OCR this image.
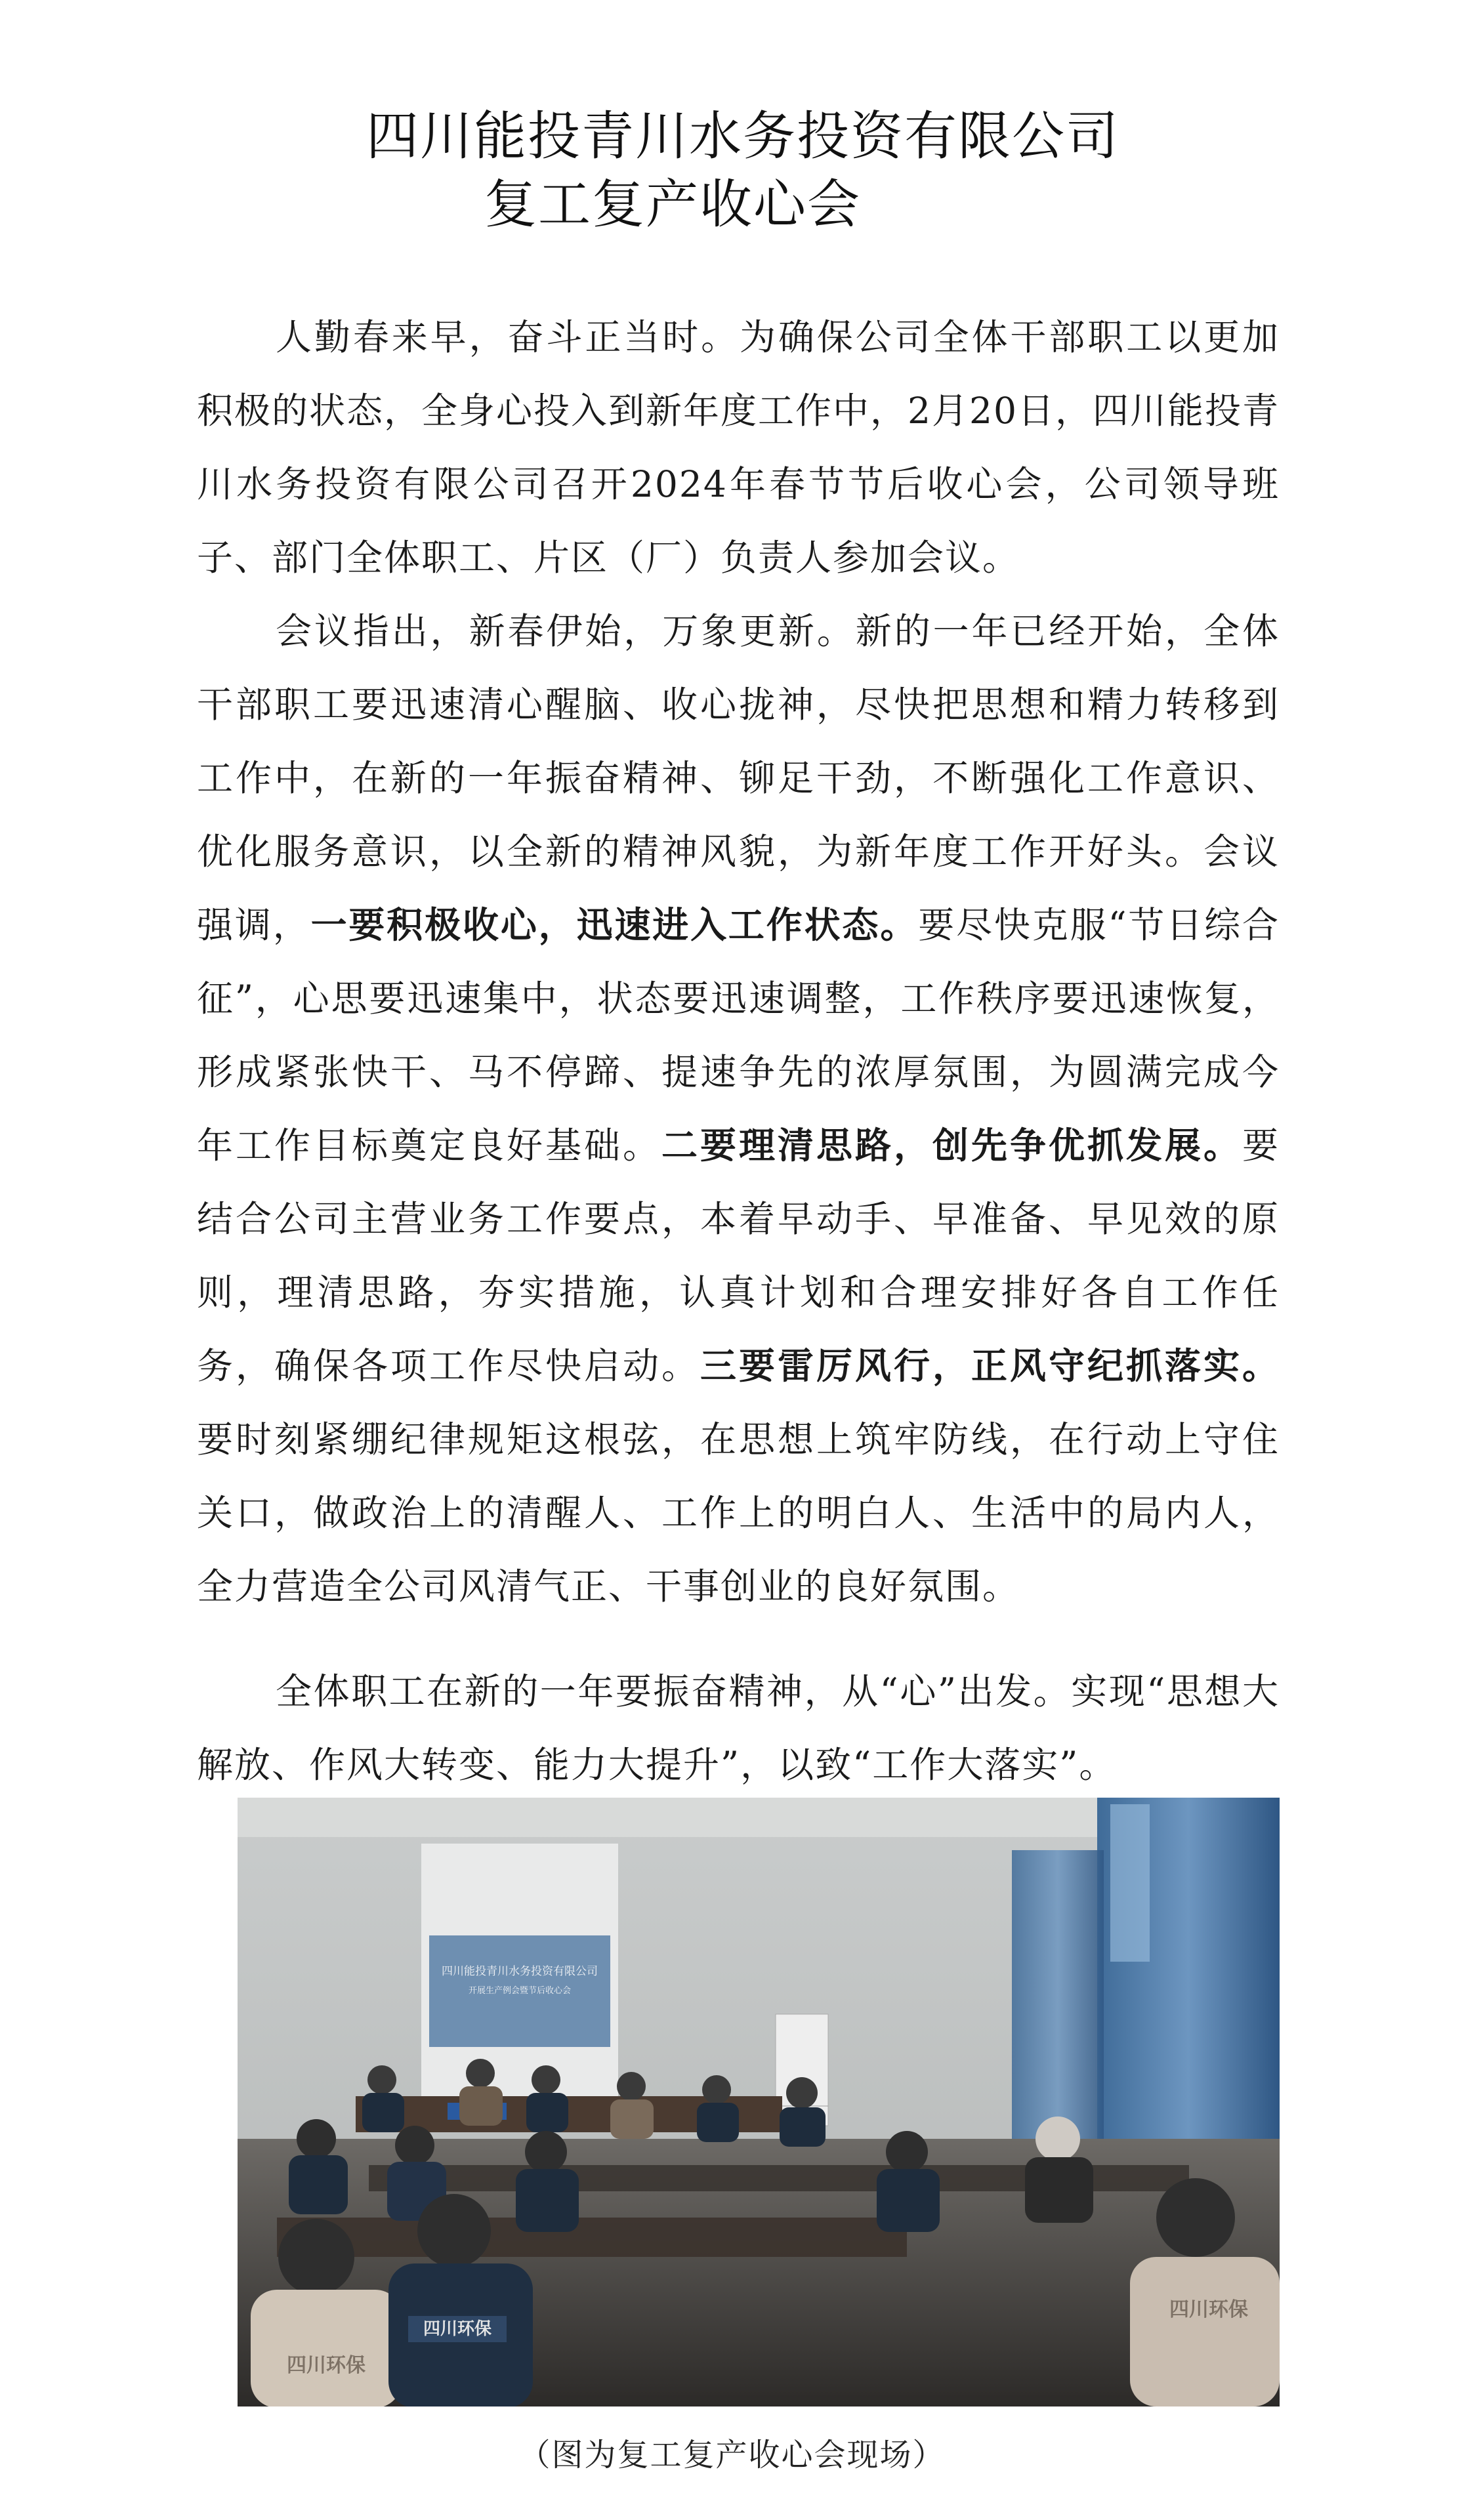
四川能投青川水务投资有限公司
复工复产收心会

人勤春来早，奋斗正当时。为确保公司全体干部职工以更加积极的状态，全身心投入到新年度工作中，2月20日，四川能投青川水务投资有限公司召开2024年春节节后收心会，公司领导班子、部门全体职工、片区（厂）负责人参加会议。

会议指出，新春伊始，万象更新。新的一年已经开始，全体干部职工要迅速清心醒脑、收心拢神，尽快把思想和精力转移到工作中，在新的一年振奋精神、铆足干劲，不断强化工作意识、优化服务意识，以全新的精神风貌，为新年度工作开好头。会议强调，一要积极收心，迅速进入工作状态。要尽快克服“节日综合征”，心思要迅速集中，状态要迅速调整，工作秩序要迅速恢复，形成紧张快干、马不停蹄、提速争先的浓厚氛围，为圆满完成今年工作目标奠定良好基础。二要理清思路，创先争优抓发展。要结合公司主营业务工作要点，本着早动手、早准备、早见效的原则，理清思路，夯实措施，认真计划和合理安排好各自工作任务，确保各项工作尽快启动。三要雷厉风行，正风守纪抓落实。要时刻紧绷纪律规矩这根弦，在思想上筑牢防线，在行动上守住关口，做政治上的清醒人、工作上的明白人、生活中的局内人，全力营造全公司风清气正、干事创业的良好氛围。

全体职工在新的一年要振奋精神，从“心”出发。实现“思想大解放、作风大转变、能力大提升”，以致“工作大落实”。

四川能投青川水务投资有限公司
开展生产例会暨节后收心会
四川环保
四川环保
四川环保
（图为复工复产收心会现场）
